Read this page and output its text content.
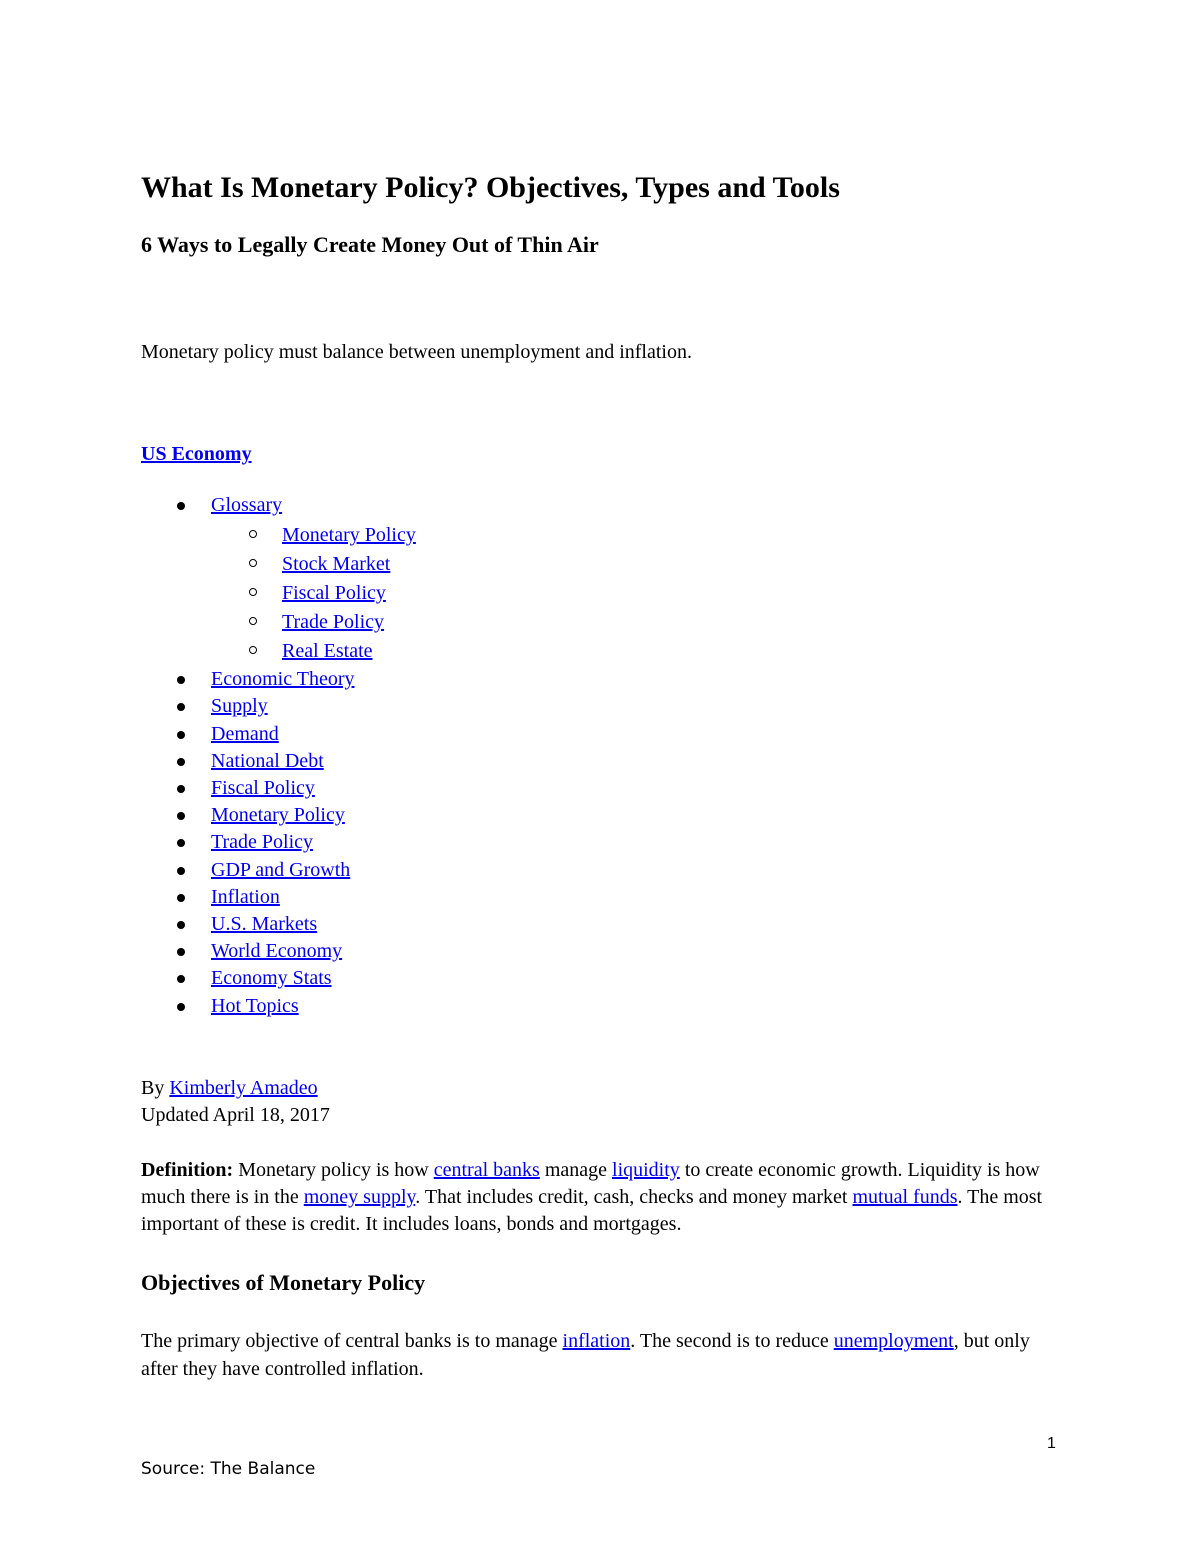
What Is Monetary Policy? Objectives, Types and Tools
6 Ways to Legally Create Money Out of Thin Air

Monetary policy must balance between unemployment and inflation.

US Economy

Glossary
Monetary Policy
Stock Market
Fiscal Policy
Trade Policy
Real Estate
Economic Theory
Supply
Demand
National Debt
Fiscal Policy
Monetary Policy
Trade Policy
GDP and Growth
Inflation
U.S. Markets
World Economy
Economy Stats
Hot Topics

By Kimberly Amadeo
Updated April 18, 2017

Definition: Monetary policy is how central banks manage liquidity to create economic growth. Liquidity is how much there is in the money supply. That includes credit, cash, checks and money market mutual funds. The most important of these is credit. It includes loans, bonds and mortgages.

Objectives of Monetary Policy

The primary objective of central banks is to manage inflation. The second is to reduce unemployment, but only after they have controlled inflation.

1
Source: The Balance
